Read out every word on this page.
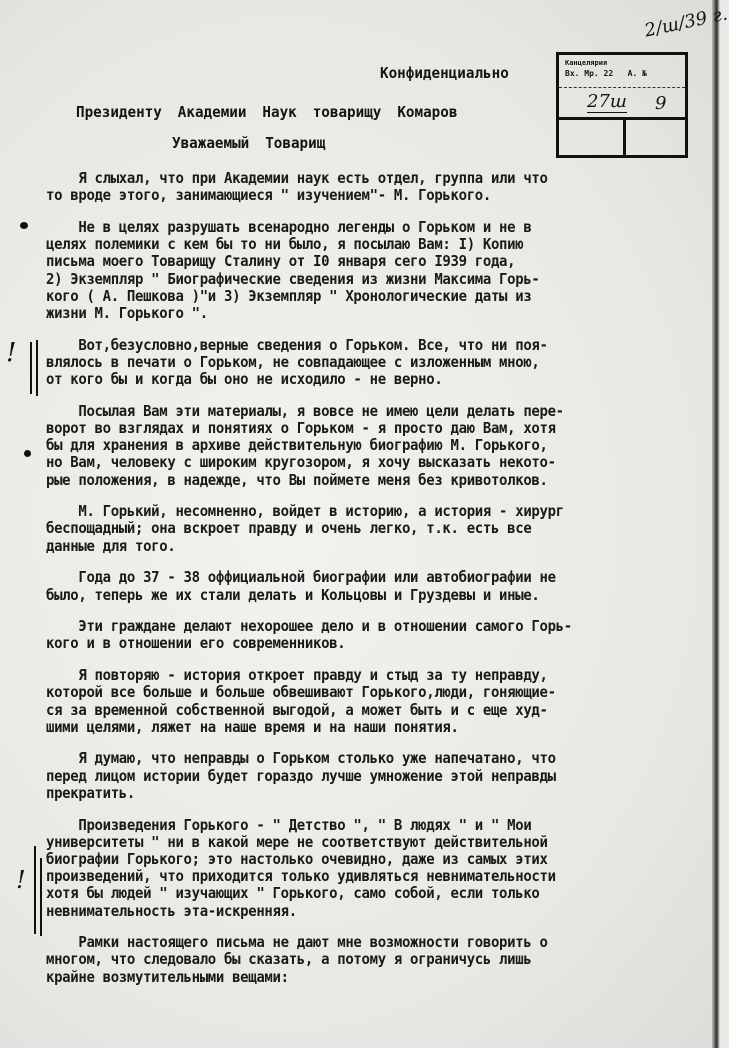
2/ш/39 г.
Конфиденциально
Президенту Академии Наук товарищу Комаров
Уважаемый Товарищ
Канцелярия
Вх. Мр. 22   А. №
27ш 9
!
!
Я слыхал, что при Академии наук есть отдел, группа или что
то вроде этого, занимающиеся " изучением"- М. Горького.
Не в целях разрушать всенародно легенды о Горьком и не в
целях полемики с кем бы то ни было, я посылаю Вам: I) Копию
письма моего Товарищу Сталину от I0 января сего I939 года,
2) Экземпляр " Биографические сведения из жизни Максима Горь-
кого ( А. Пешкова )"и 3) Экземпляр " Хронологические даты из
жизни М. Горького ".
Вот,безусловно,верные сведения о Горьком. Все, что ни поя-
влялось в печати о Горьком, не совпадающее с изложенным мною,
от кого бы и когда бы оно не исходило - не верно.
Посылая Вам эти материалы, я вовсе не имею цели делать пере-
ворот во взглядах и понятиях о Горьком - я просто даю Вам, хотя
бы для хранения в архиве действительную биографию М. Горького,
но Вам, человеку с широким кругозором, я хочу высказать некото-
рые положения, в надежде, что Вы поймете меня без кривотолков.
М. Горький, несомненно, войдет в историю, а история - хирург
беспощадный; она вскроет правду и очень легко, т.к. есть все
данные для того.
Года до 37 - 38 оффициальной биографии или автобиографии не
было, теперь же их стали делать и Кольцовы и Груздевы и иные.
Эти граждане делают нехорошее дело и в отношении самого Горь-
кого и в отношении его современников.
Я повторяю - история откроет правду и стыд за ту неправду,
которой все больше и больше обвешивают Горького,люди, гоняющие-
ся за временной собственной выгодой, а может быть и с еще худ-
шими целями, ляжет на наше время и на наши понятия.
Я думаю, что неправды о Горьком столько уже напечатано, что
перед лицом истории будет гораздо лучше умножение этой неправды
прекратить.
Произведения Горького - " Детство ", " В людях " и " Мои
университеты " ни в какой мере не соответствуют действительной
биографии Горького; это настолько очевидно, даже из самых этих
произведений, что приходится только удивляться невнимательности
хотя бы людей " изучающих " Горького, само собой, если только
невнимательность эта-искренняя.
Рамки настоящего письма не дают мне возможности говорить о
многом, что следовало бы сказать, а потому я ограничусь лишь
крайне возмутительными вещами:
